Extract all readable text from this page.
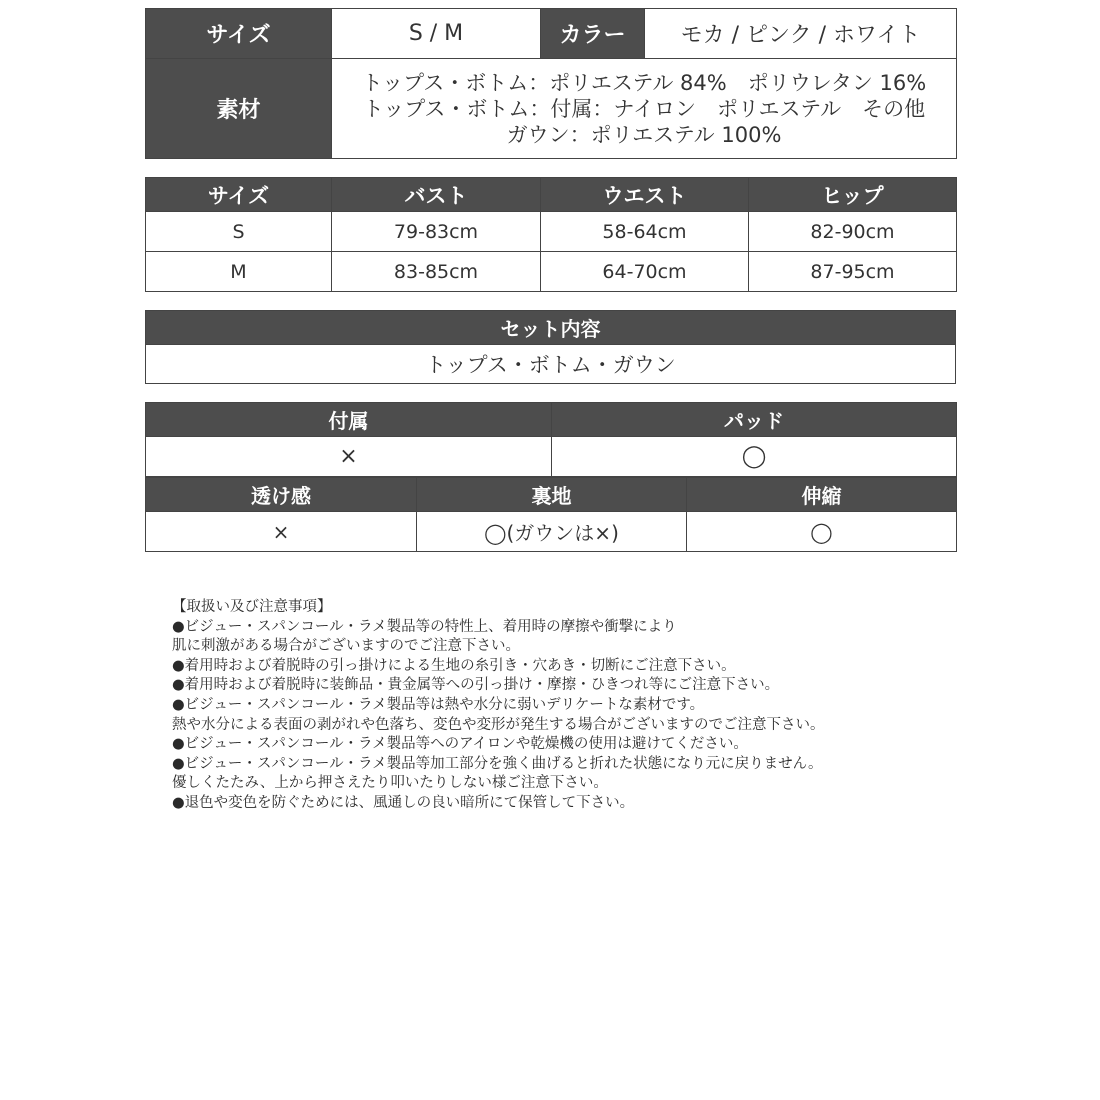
サイズ	S / M	カラー	モカ / ピンク / ホワイト
素材	トップス・ボトム：ポリエステル 84%　ポリウレタン 16%
トップス・ボトム：付属：ナイロン　ポリエステル　その他
ガウン：ポリエステル 100%		
サイズ	バスト	ウエスト	ヒップ
S	79-83cm	58-64cm	82-90cm
M	83-85cm	64-70cm	87-95cm
セット内容
トップス・ボトム・ガウン
付属	パッド
×	◯
透け感	裏地	伸縮
×	◯(ガウンは×)	◯
【取扱い及び注意事項】
●ビジュー・スパンコール・ラメ製品等の特性上、着用時の摩擦や衝撃により
肌に刺激がある場合がございますのでご注意下さい。
●着用時および着脱時の引っ掛けによる生地の糸引き・穴あき・切断にご注意下さい。
●着用時および着脱時に装飾品・貴金属等への引っ掛け・摩擦・ひきつれ等にご注意下さい。
●ビジュー・スパンコール・ラメ製品等は熱や水分に弱いデリケートな素材です。
熱や水分による表面の剥がれや色落ち、変色や変形が発生する場合がございますのでご注意下さい。
●ビジュー・スパンコール・ラメ製品等へのアイロンや乾燥機の使用は避けてください。
●ビジュー・スパンコール・ラメ製品等加工部分を強く曲げると折れた状態になり元に戻りません。
優しくたたみ、上から押さえたり叩いたりしない様ご注意下さい。
●退色や変色を防ぐためには、風通しの良い暗所にて保管して下さい。
